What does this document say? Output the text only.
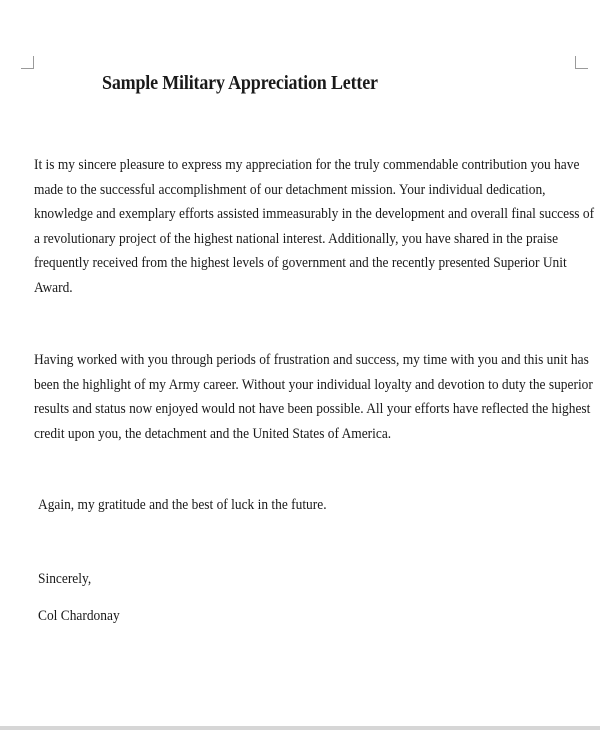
Sample Military Appreciation Letter
It is my sincere pleasure to express my appreciation for the truly commendable contribution you have
made to the successful accomplishment of our detachment mission. Your individual dedication,
knowledge and exemplary efforts assisted immeasurably in the development and overall final success of
a revolutionary project of the highest national interest. Additionally, you have shared in the praise
frequently received from the highest levels of government and the recently presented Superior Unit
Award.
Having worked with you through periods of frustration and success, my time with you and this unit has
been the highlight of my Army career. Without your individual loyalty and devotion to duty the superior
results and status now enjoyed would not have been possible. All your efforts have reflected the highest
credit upon you, the detachment and the United States of America.
Again, my gratitude and the best of luck in the future.
Sincerely,
Col Chardonay
